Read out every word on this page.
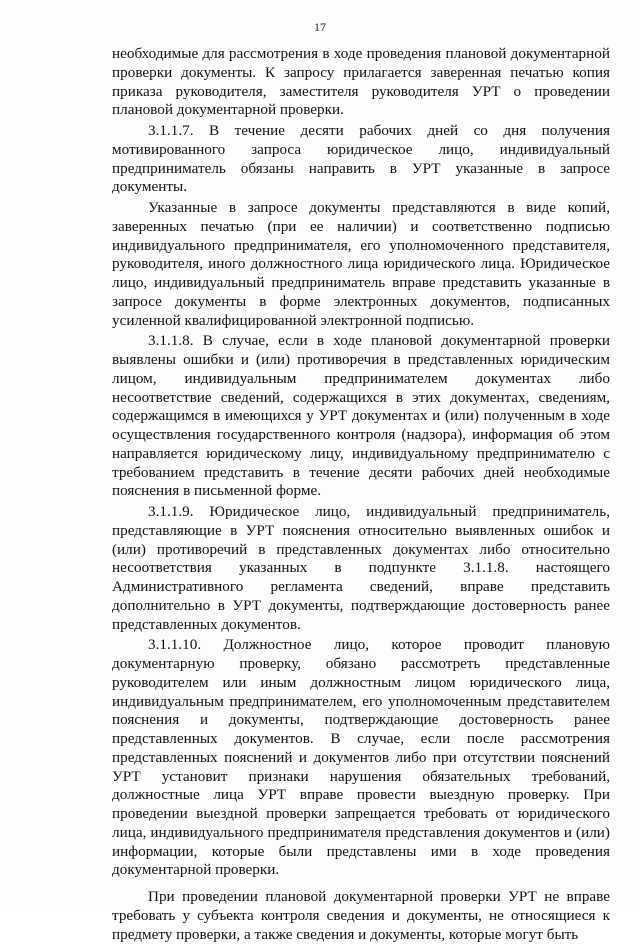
17

необходимые для рассмотрения в ходе проведения плановой документарной проверки документы. К запросу прилагается заверенная печатью копия приказа руководителя, заместителя руководителя УРТ о проведении плановой документарной проверки.

3.1.1.7. В течение десяти рабочих дней со дня получения мотивированного запроса юридическое лицо, индивидуальный предприниматель обязаны направить в УРТ указанные в запросе документы.

Указанные в запросе документы представляются в виде копий, заверенных печатью (при ее наличии) и соответственно подписью индивидуального предпринимателя, его уполномоченного представителя, руководителя, иного должностного лица юридического лица. Юридическое лицо, индивидуальный предприниматель вправе представить указанные в запросе документы в форме электронных документов, подписанных усиленной квалифицированной электронной подписью.

3.1.1.8. В случае, если в ходе плановой документарной проверки выявлены ошибки и (или) противоречия в представленных юридическим лицом, индивидуальным предпринимателем документах либо несоответствие сведений, содержащихся в этих документах, сведениям, содержащимся в имеющихся у УРТ документах и (или) полученным в ходе осуществления государственного контроля (надзора), информация об этом направляется юридическому лицу, индивидуальному предпринимателю с требованием представить в течение десяти рабочих дней необходимые пояснения в письменной форме.

3.1.1.9. Юридическое лицо, индивидуальный предприниматель, представляющие в УРТ пояснения относительно выявленных ошибок и (или) противоречий в представленных документах либо относительно несоответствия указанных в подпункте 3.1.1.8. настоящего Административного регламента сведений, вправе представить дополнительно в УРТ документы, подтверждающие достоверность ранее представленных документов.

3.1.1.10. Должностное лицо, которое проводит плановую документарную проверку, обязано рассмотреть представленные руководителем или иным должностным лицом юридического лица, индивидуальным предпринимателем, его уполномоченным представителем пояснения и документы, подтверждающие достоверность ранее представленных документов. В случае, если после рассмотрения представленных пояснений и документов либо при отсутствии пояснений УРТ установит признаки нарушения обязательных требований, должностные лица УРТ вправе провести выездную проверку. При проведении выездной проверки запрещается требовать от юридического лица, индивидуального предпринимателя представления документов и (или) информации, которые были представлены ими в ходе проведения документарной проверки.

При проведении плановой документарной проверки УРТ не вправе требовать у субъекта контроля сведения и документы, не относящиеся к предмету проверки, а также сведения и документы, которые могут быть
